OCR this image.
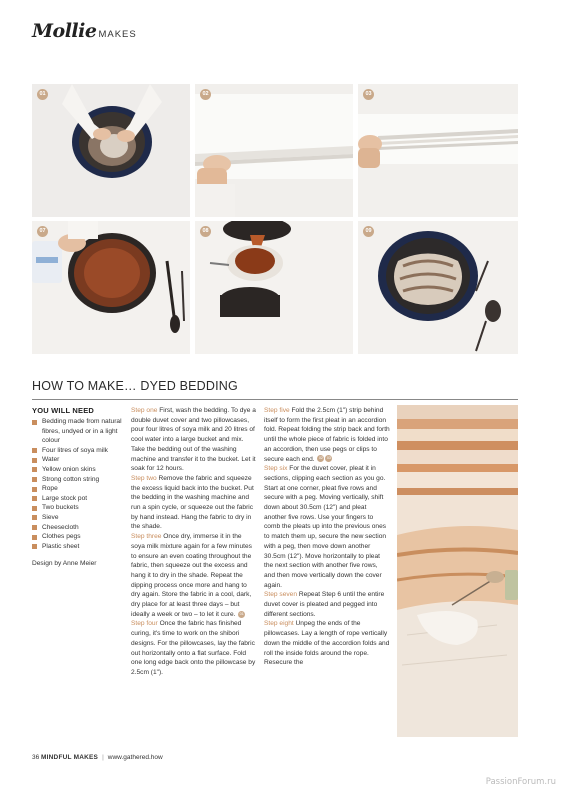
Mollie MAKES
01	02	03
07	08	09
HOW TO MAKE… DYED BEDDING
YOU WILL NEED
Bedding made from natural fibres, undyed or in a light colour
Four litres of soya milk
Water
Yellow onion skins
Strong cotton string
Rope
Large stock pot
Two buckets
Sieve
Cheesecloth
Clothes pegs
Plastic sheet
Design by Anne Meier
Step one First, wash the bedding. To dye a double duvet cover and two pillowcases, pour four litres of soya milk and 20 litres of cool water into a large bucket and mix. Take the bedding out of the washing machine and transfer it to the bucket. Let it soak for 12 hours.
Step two Remove the fabric and squeeze the excess liquid back into the bucket. Put the bedding in the washing machine and run a spin cycle, or squeeze out the fabric by hand instead. Hang the fabric to dry in the shade.
Step three Once dry, immerse it in the soya milk mixture again for a few minutes to ensure an even coating throughout the fabric, then squeeze out the excess and hang it to dry in the shade. Repeat the dipping process once more and hang to dry again. Store the fabric in a cool, dark, dry place for at least three days – but ideally a week or two – to let it cure. 01
Step four Once the fabric has finished curing, it's time to work on the shibori designs. For the pillowcases, lay the fabric out horizontally onto a flat surface. Fold one long edge back onto the pillowcase by 2.5cm (1").
Step five Fold the 2.5cm (1") strip behind itself to form the first pleat in an accordion fold. Repeat folding the strip back and forth until the whole piece of fabric is folded into an accordion, then use pegs or clips to secure each end. 02 03
Step six For the duvet cover, pleat it in sections, clipping each section as you go. Start at one corner, pleat five rows and secure with a peg. Moving vertically, shift down about 30.5cm (12") and pleat another five rows. Use your fingers to comb the pleats up into the previous ones to match them up, secure the new section with a peg, then move down another 30.5cm (12"). Move horizontally to pleat the next section with another five rows, and then move vertically down the cover again.
Step seven Repeat Step 6 until the entire duvet cover is pleated and pegged into different sections.
Step eight Unpeg the ends of the pillowcases. Lay a length of rope vertically down the middle of the accordion folds and roll the inside folds around the rope. Resecure the
36
MINDFUL MAKES | www.gathered.how
PassionForum.ru
